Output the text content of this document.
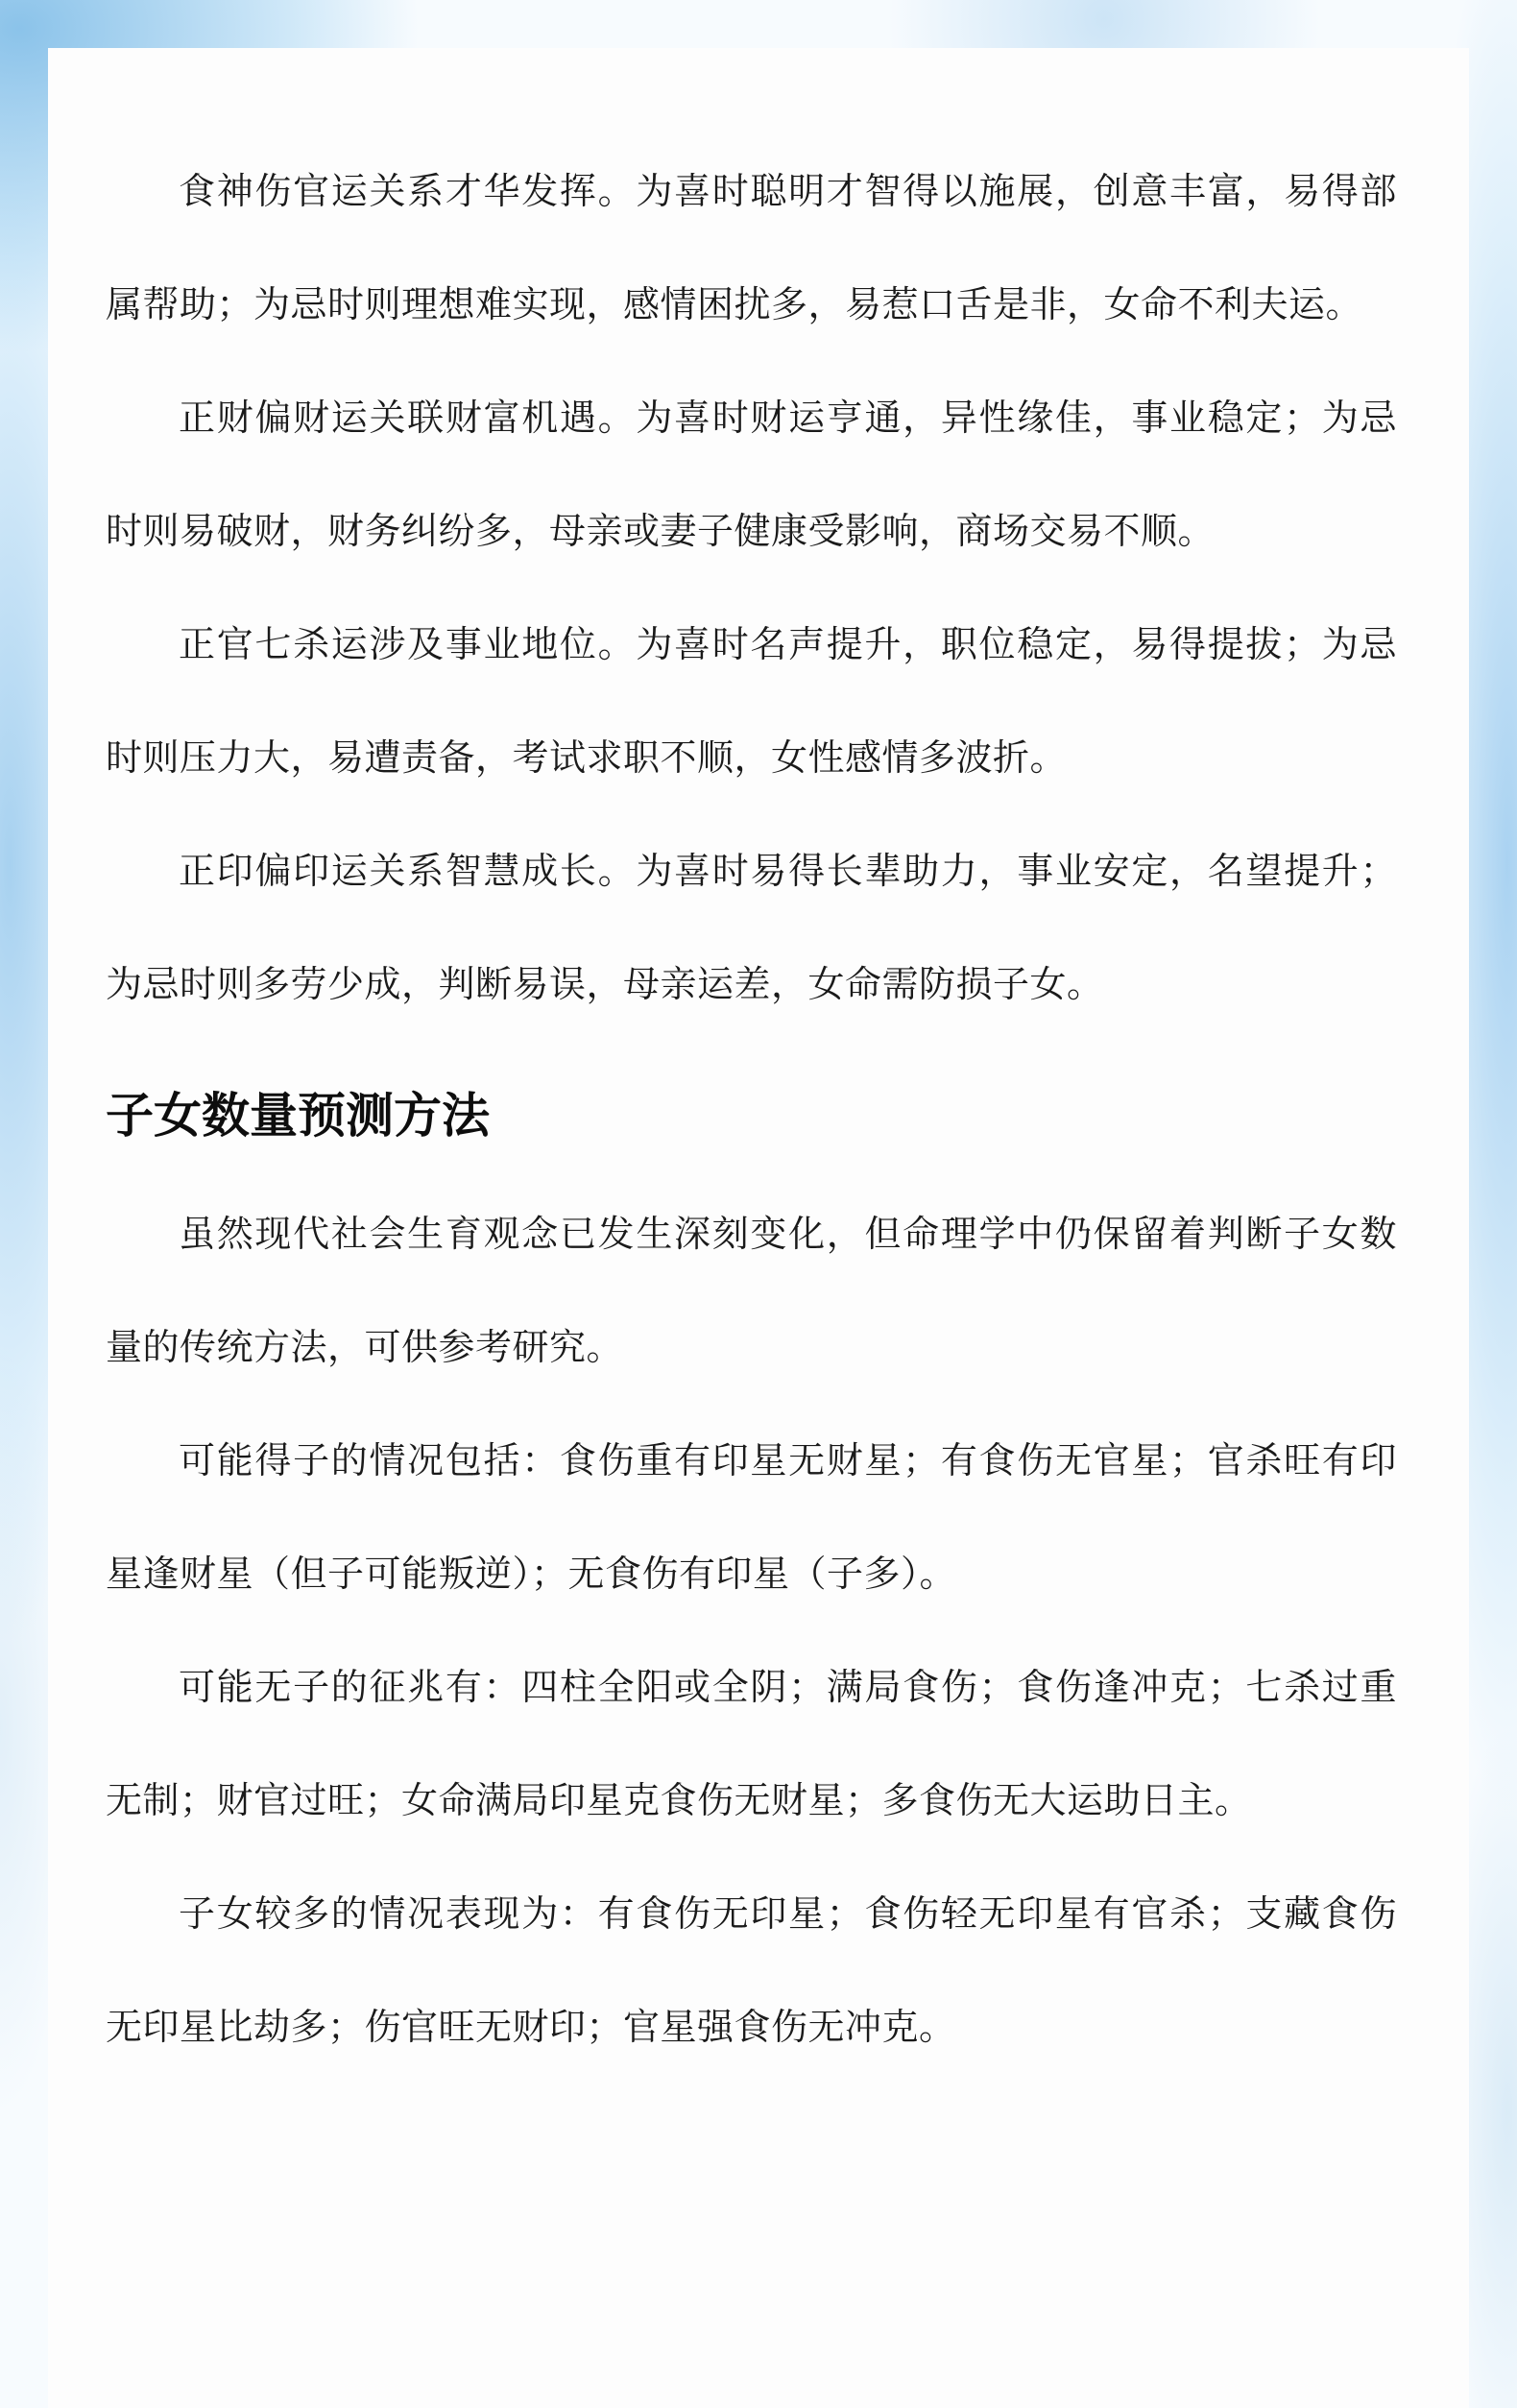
食神伤官运关系才华发挥。为喜时聪明才智得以施展，创意丰富，易得部属帮助；为忌时则理想难实现，感情困扰多，易惹口舌是非，女命不利夫运。

正财偏财运关联财富机遇。为喜时财运亨通，异性缘佳，事业稳定；为忌时则易破财，财务纠纷多，母亲或妻子健康受影响，商场交易不顺。

正官七杀运涉及事业地位。为喜时名声提升，职位稳定，易得提拔；为忌时则压力大，易遭责备，考试求职不顺，女性感情多波折。

正印偏印运关系智慧成长。为喜时易得长辈助力，事业安定，名望提升；为忌时则多劳少成，判断易误，母亲运差，女命需防损子女。

子女数量预测方法

虽然现代社会生育观念已发生深刻变化，但命理学中仍保留着判断子女数量的传统方法，可供参考研究。

可能得子的情况包括：食伤重有印星无财星；有食伤无官星；官杀旺有印星逢财星（但子可能叛逆）；无食伤有印星（子多）。

可能无子的征兆有：四柱全阳或全阴；满局食伤；食伤逢冲克；七杀过重无制；财官过旺；女命满局印星克食伤无财星；多食伤无大运助日主。

子女较多的情况表现为：有食伤无印星；食伤轻无印星有官杀；支藏食伤无印星比劫多；伤官旺无财印；官星强食伤无冲克。
